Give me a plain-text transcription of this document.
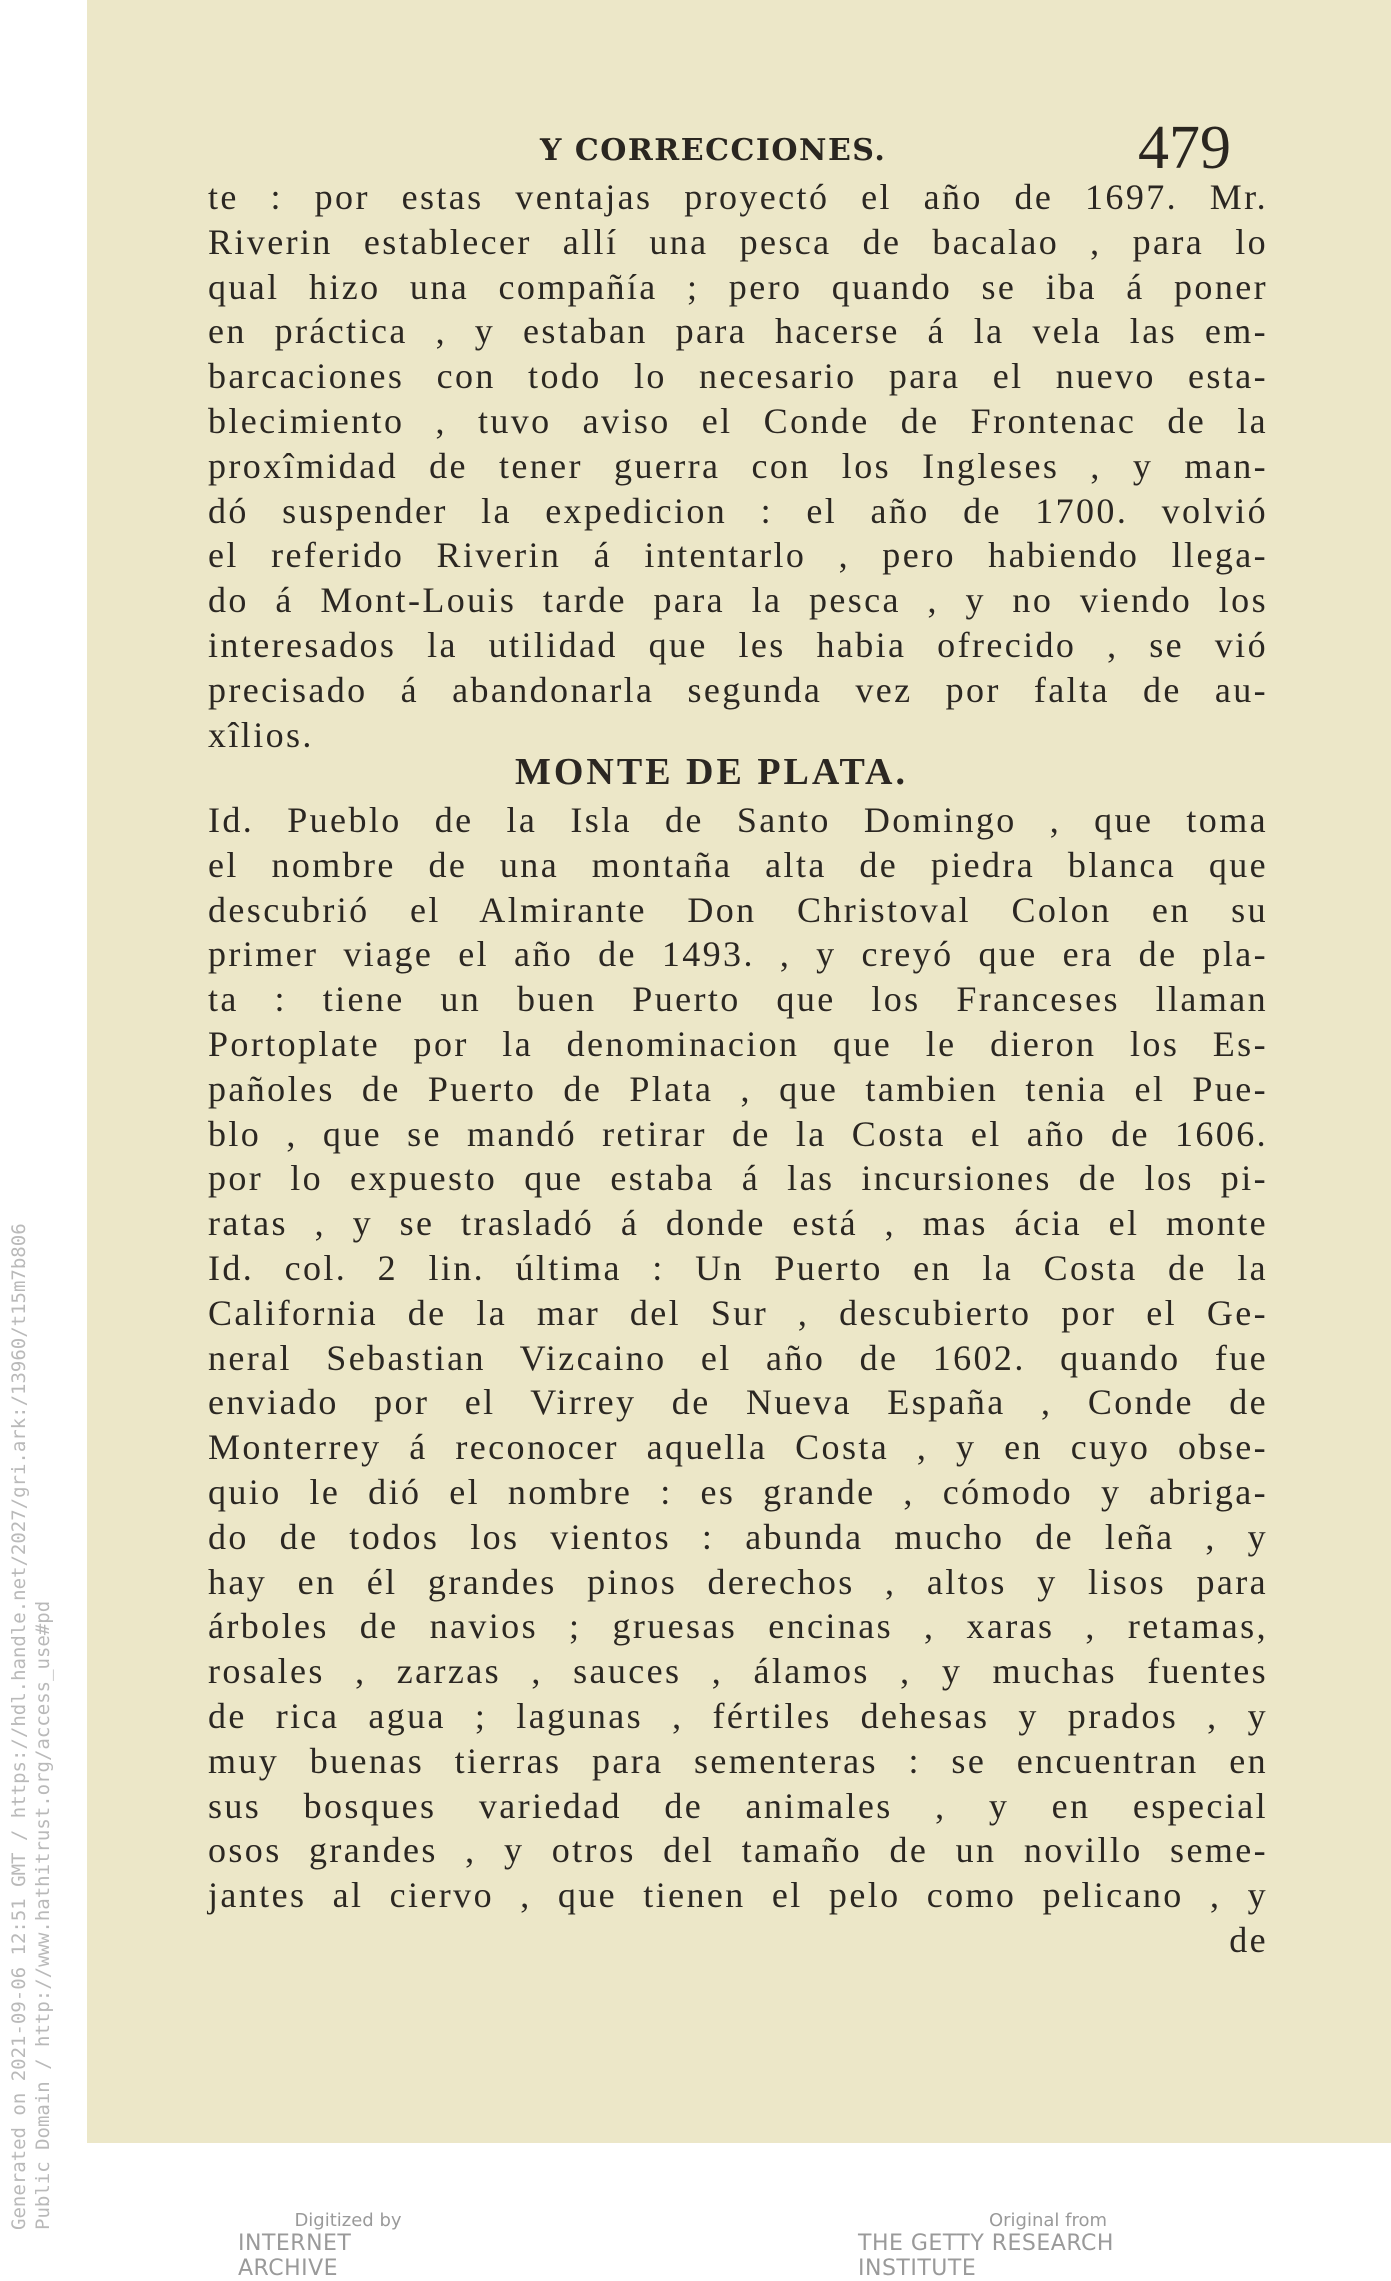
Y CORRECCIONES.	479
te : por estas ventajas proyectó el año de 1697. Mr.
Riverin establecer allí una pesca de bacalao , para lo
qual hizo una compañía ; pero quando se iba á poner
en práctica , y estaban para hacerse á la vela las em-
barcaciones con todo lo necesario para el nuevo esta-
blecimiento , tuvo aviso el Conde de Frontenac de la
proxîmidad de tener guerra con los Ingleses , y man-
dó suspender la expedicion : el año de 1700. volvió
el referido Riverin á intentarlo , pero habiendo llega-
do á Mont-Louis tarde para la pesca , y no viendo los
interesados la utilidad que les habia ofrecido , se vió
precisado á abandonarla segunda vez por falta de au-
xîlios.
MONTE DE PLATA.
Id. Pueblo de la Isla de Santo Domingo , que toma
el nombre de una montaña alta de piedra blanca que
descubrió el Almirante Don Christoval Colon en su
primer viage el año de 1493. , y creyó que era de pla-
ta : tiene un buen Puerto que los Franceses llaman
Portoplate por la denominacion que le dieron los Es-
pañoles de Puerto de Plata , que tambien tenia el Pue-
blo , que se mandó retirar de la Costa el año de 1606.
por lo expuesto que estaba á las incursiones de los pi-
ratas , y se trasladó á donde está , mas ácia el monte
Id. col. 2 lin. última : Un Puerto en la Costa de la
California de la mar del Sur , descubierto por el Ge-
neral Sebastian Vizcaino el año de 1602. quando fue
enviado por el Virrey de Nueva España , Conde de
Monterrey á reconocer aquella Costa , y en cuyo obse-
quio le dió el nombre : es grande , cómodo y abriga-
do de todos los vientos : abunda mucho de leña , y
hay en él grandes pinos derechos , altos y lisos para
árboles de navios ; gruesas encinas , xaras , retamas,
rosales , zarzas , sauces , álamos , y muchas fuentes
de rica agua ; lagunas , fértiles dehesas y prados , y
muy buenas tierras para sementeras : se encuentran en
sus bosques variedad de animales , y en especial
osos grandes , y otros del tamaño de un novillo seme-
jantes al ciervo , que tienen el pelo como pelicano , y
de
Generated on 2021-09-06 12:51 GMT / https://hdl.handle.net/2027/gri.ark:/13960/t15m7b806 Public Domain / http://www.hathitrust.org/access_use#pd	Digitized by
INTERNET ARCHIVE
Original from
THE GETTY RESEARCH INSTITUTE
